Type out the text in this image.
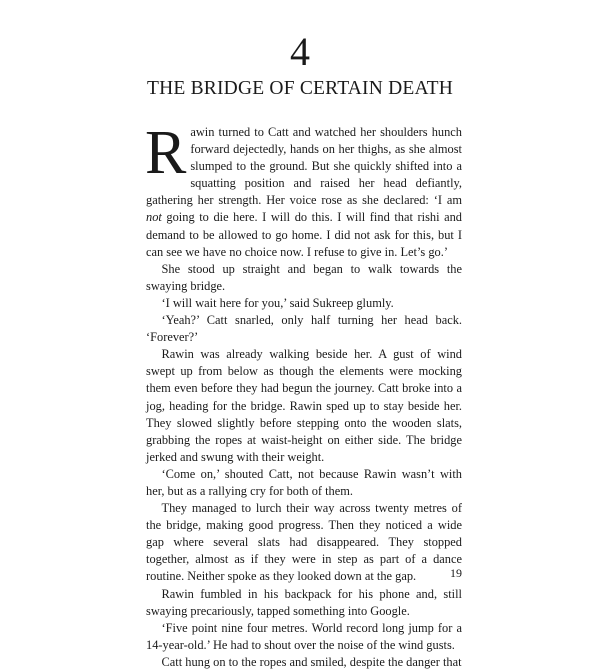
4
THE BRIDGE OF CERTAIN DEATH

Rawin turned to Catt and watched her shoulders hunch forward dejectedly, hands on her thighs, as she almost slumped to the ground. But she quickly shifted into a squatting position and raised her head defiantly, gathering her strength. Her voice rose as she declared: ‘I am not going to die here. I will do this. I will find that rishi and demand to be allowed to go home. I did not ask for this, but I can see we have no choice now. I refuse to give in. Let’s go.’

She stood up straight and began to walk towards the swaying bridge.

‘I will wait here for you,’ said Sukreep glumly.

‘Yeah?’ Catt snarled, only half turning her head back. ‘Forever?’

Rawin was already walking beside her. A gust of wind swept up from below as though the elements were mocking them even before they had begun the journey. Catt broke into a jog, heading for the bridge. Rawin sped up to stay beside her. They slowed slightly before stepping onto the wooden slats, grabbing the ropes at waist-height on either side. The bridge jerked and swung with their weight.

‘Come on,’ shouted Catt, not because Rawin wasn’t with her, but as a rallying cry for both of them.

They managed to lurch their way across twenty metres of the bridge, making good progress. Then they noticed a wide gap where several slats had disappeared. They stopped together, almost as if they were in step as part of a dance routine. Neither spoke as they looked down at the gap.

Rawin fumbled in his backpack for his phone and, still swaying precariously, tapped something into Google.

‘Five point nine four metres. World record long jump for a 14-year-old.’ He had to shout over the noise of the wind gusts.

Catt hung on to the ropes and smiled, despite the danger that

19
